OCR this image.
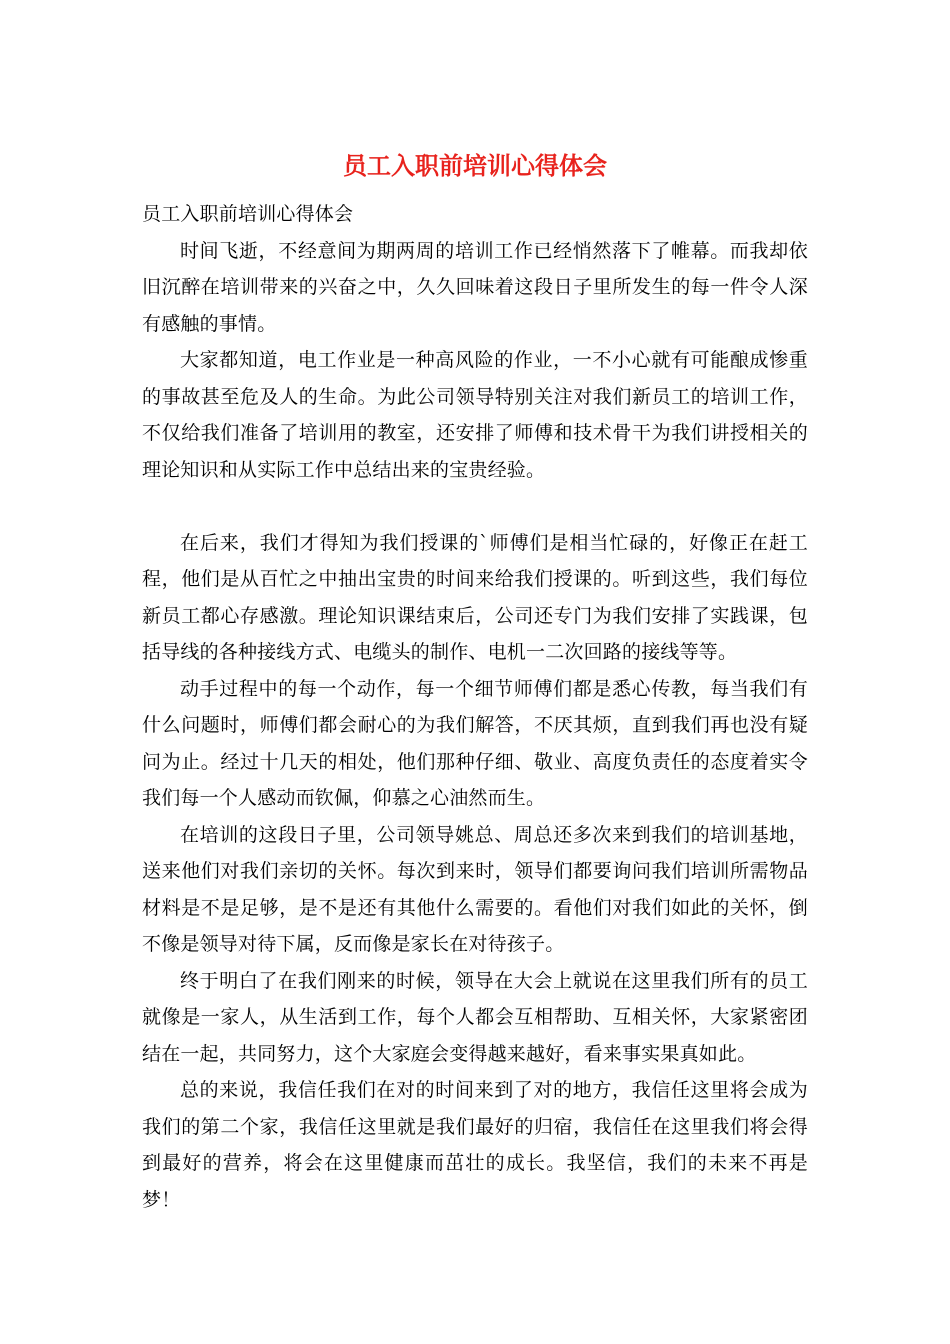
员工入职前培训心得体会

员工入职前培训心得体会

时间飞逝，不经意间为期两周的培训工作已经悄然落下了帷幕。而我却依旧沉醉在培训带来的兴奋之中，久久回味着这段日子里所发生的每一件令人深有感触的事情。

大家都知道，电工作业是一种高风险的作业，一不小心就有可能酿成惨重的事故甚至危及人的生命。为此公司领导特别关注对我们新员工的培训工作，不仅给我们准备了培训用的教室，还安排了师傅和技术骨干为我们讲授相关的理论知识和从实际工作中总结出来的宝贵经验。

在后来，我们才得知为我们授课的`师傅们是相当忙碌的，好像正在赶工程，他们是从百忙之中抽出宝贵的时间来给我们授课的。听到这些，我们每位新员工都心存感激。理论知识课结束后，公司还专门为我们安排了实践课，包括导线的各种接线方式、电缆头的制作、电机一二次回路的接线等等。

动手过程中的每一个动作，每一个细节师傅们都是悉心传教，每当我们有什么问题时，师傅们都会耐心的为我们解答，不厌其烦，直到我们再也没有疑问为止。经过十几天的相处，他们那种仔细、敬业、高度负责任的态度着实令我们每一个人感动而钦佩，仰慕之心油然而生。

在培训的这段日子里，公司领导姚总、周总还多次来到我们的培训基地，送来他们对我们亲切的关怀。每次到来时，领导们都要询问我们培训所需物品材料是不是足够，是不是还有其他什么需要的。看他们对我们如此的关怀，倒不像是领导对待下属，反而像是家长在对待孩子。

终于明白了在我们刚来的时候，领导在大会上就说在这里我们所有的员工就像是一家人，从生活到工作，每个人都会互相帮助、互相关怀，大家紧密团结在一起，共同努力，这个大家庭会变得越来越好，看来事实果真如此。

总的来说，我信任我们在对的时间来到了对的地方，我信任这里将会成为我们的第二个家，我信任这里就是我们最好的归宿，我信任在这里我们将会得到最好的营养，将会在这里健康而茁壮的成长。我坚信，我们的未来不再是梦！
